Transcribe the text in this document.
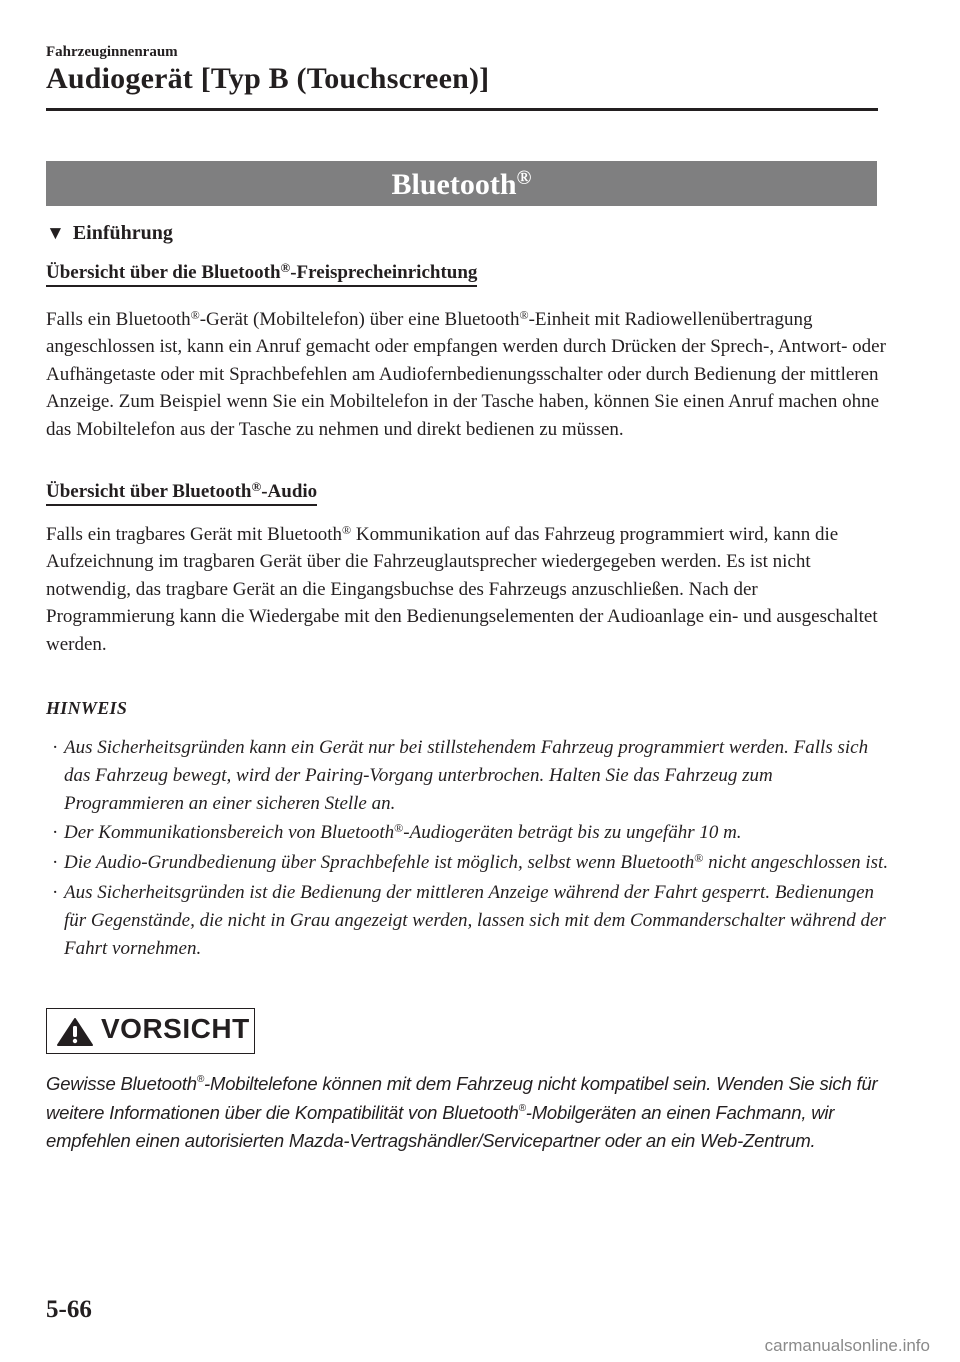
Fahrzeuginnenraum
Audiogerät [Typ B (Touchscreen)]
Bluetooth®
▼ Einführung
Übersicht über die Bluetooth®-Freisprecheinrichtung

Falls ein Bluetooth®-Gerät (Mobiltelefon) über eine Bluetooth®-Einheit mit Radiowellenübertragung angeschlossen ist, kann ein Anruf gemacht oder empfangen werden durch Drücken der Sprech-, Antwort- oder Aufhängetaste oder mit Sprachbefehlen am Audiofernbedienungsschalter oder durch Bedienung der mittleren Anzeige. Zum Beispiel wenn Sie ein Mobiltelefon in der Tasche haben, können Sie einen Anruf machen ohne das Mobiltelefon aus der Tasche zu nehmen und direkt bedienen zu müssen.

Übersicht über Bluetooth®-Audio

Falls ein tragbares Gerät mit Bluetooth® Kommunikation auf das Fahrzeug programmiert wird, kann die Aufzeichnung im tragbaren Gerät über die Fahrzeuglautsprecher wiedergegeben werden. Es ist nicht notwendig, das tragbare Gerät an die Eingangsbuchse des Fahrzeugs anzuschließen. Nach der Programmierung kann die Wiedergabe mit den Bedienungselementen der Audioanlage ein- und ausgeschaltet werden.

HINWEIS
· Aus Sicherheitsgründen kann ein Gerät nur bei stillstehendem Fahrzeug programmiert werden. Falls sich das Fahrzeug bewegt, wird der Pairing-Vorgang unterbrochen. Halten Sie das Fahrzeug zum Programmieren an einer sicheren Stelle an.
· Der Kommunikationsbereich von Bluetooth®-Audiogeräten beträgt bis zu ungefähr 10 m.
· Die Audio-Grundbedienung über Sprachbefehle ist möglich, selbst wenn Bluetooth® nicht angeschlossen ist.
· Aus Sicherheitsgründen ist die Bedienung der mittleren Anzeige während der Fahrt gesperrt. Bedienungen für Gegenstände, die nicht in Grau angezeigt werden, lassen sich mit dem Commanderschalter während der Fahrt vornehmen.
VORSICHT

Gewisse Bluetooth®-Mobiltelefone können mit dem Fahrzeug nicht kompatibel sein. Wenden Sie sich für weitere Informationen über die Kompatibilität von Bluetooth®-Mobilgeräten an einen Fachmann, wir empfehlen einen autorisierten Mazda-Vertragshändler/Servicepartner oder an ein Web-Zentrum.

5-66
carmanualsonline.info
